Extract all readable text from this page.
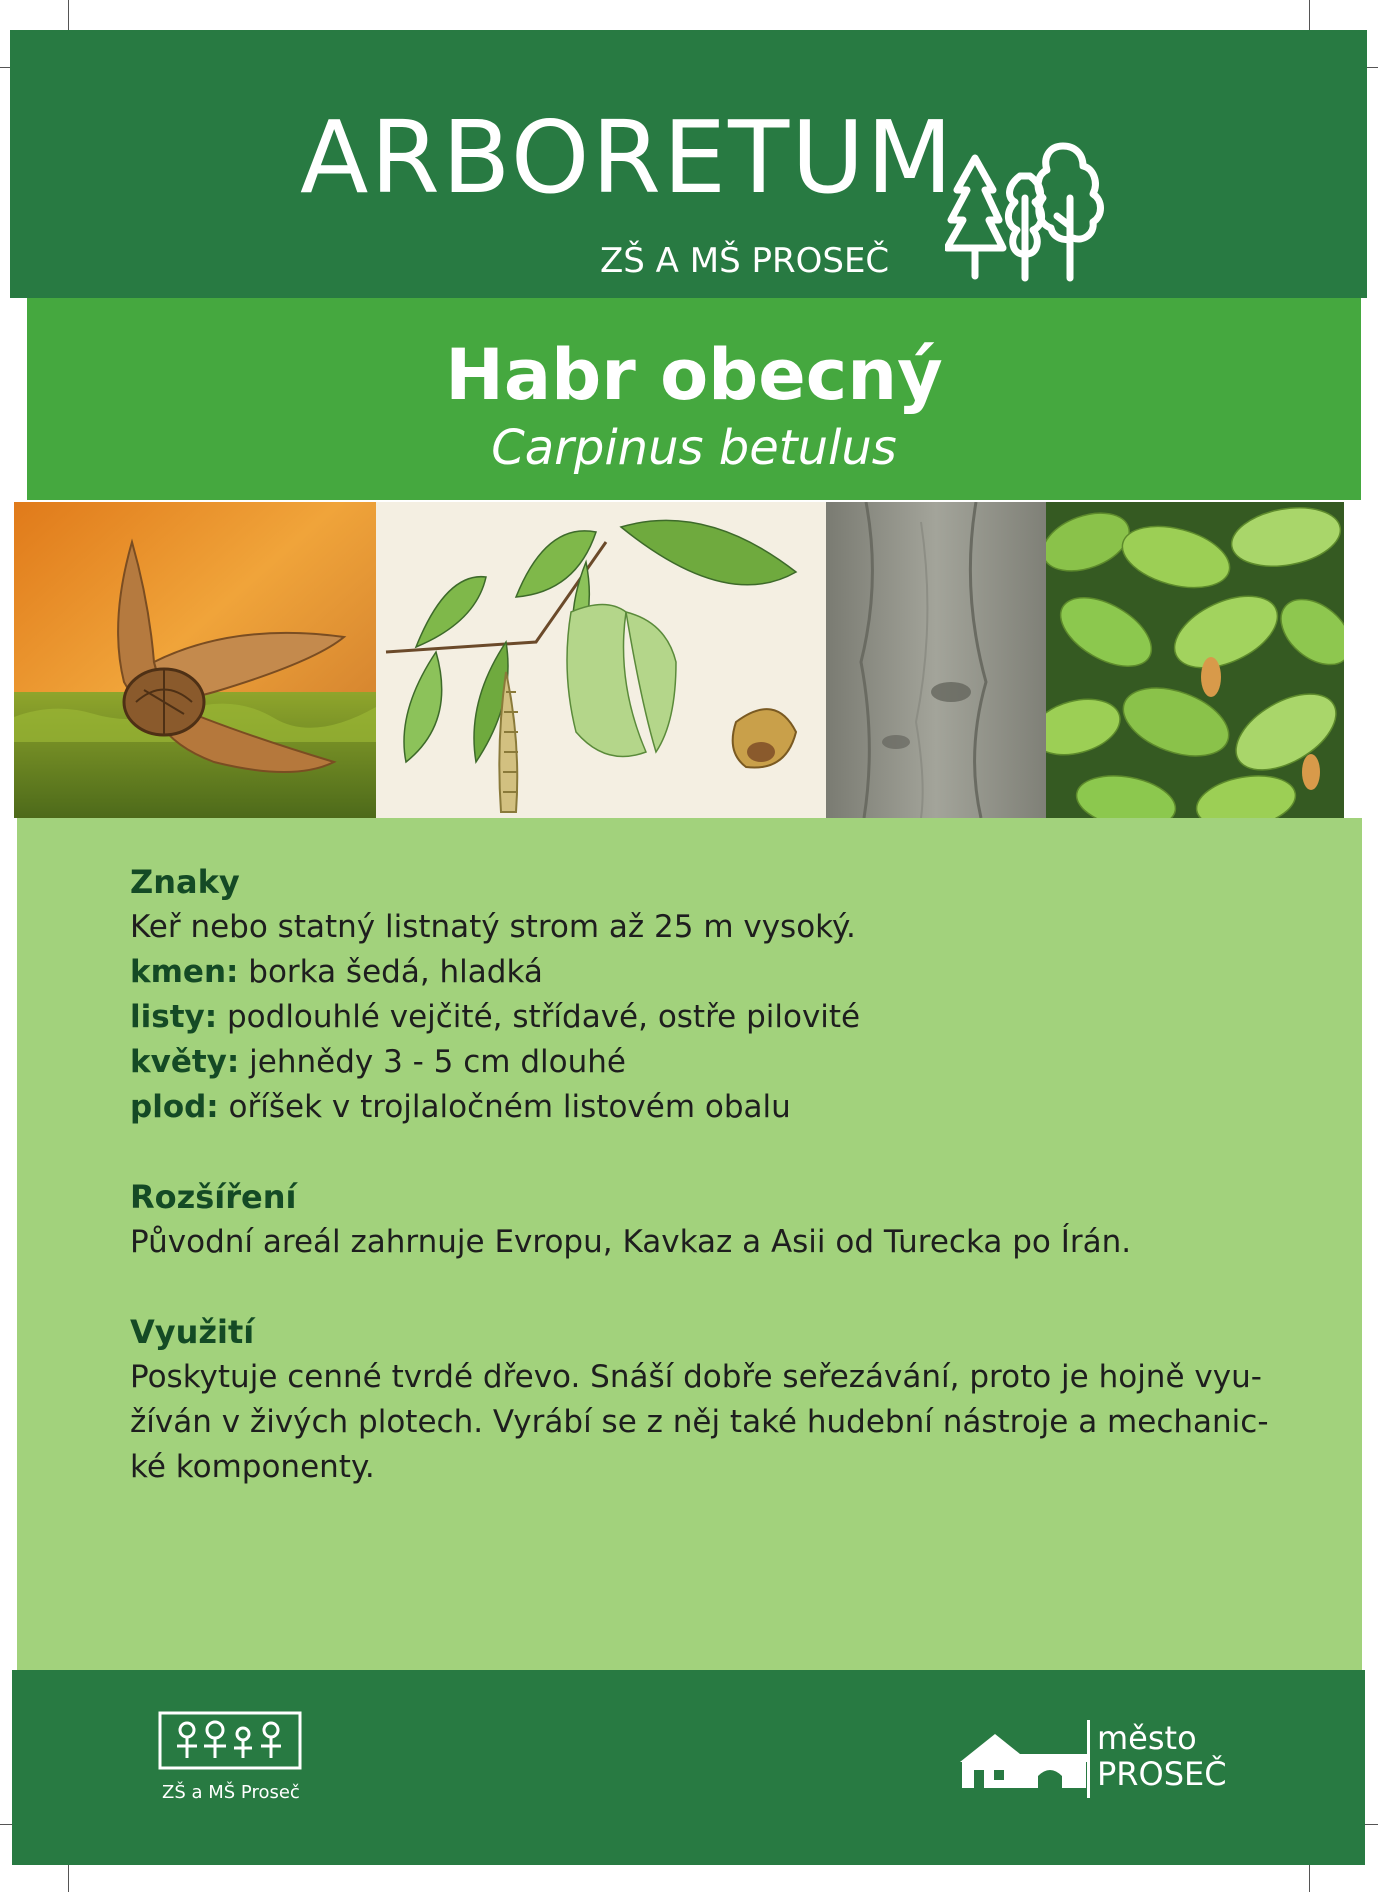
ARBORETUM
ZŠ A MŠ PROSEČ
Habr obecný
Carpinus betulus
Znaky
Keř nebo statný listnatý strom až 25 m vysoký.
kmen: borka šedá, hladká
listy: podlouhlé vejčité, střídavé, ostře pilovité
květy: jehnědy 3 - 5 cm dlouhé
plod: oříšek v trojlaločném listovém obalu
Rozšíření
Původní areál zahrnuje Evropu, Kavkaz a Asii od Turecka po Írán.
Využití
Poskytuje cenné tvrdé dřevo. Snáší dobře seřezávání, proto je hojně vyu-
žíván v živých plotech. Vyrábí se z něj také hudební nástroje a mechanic-
ké komponenty.
ZŠ a MŠ Proseč
město
PROSEČ
